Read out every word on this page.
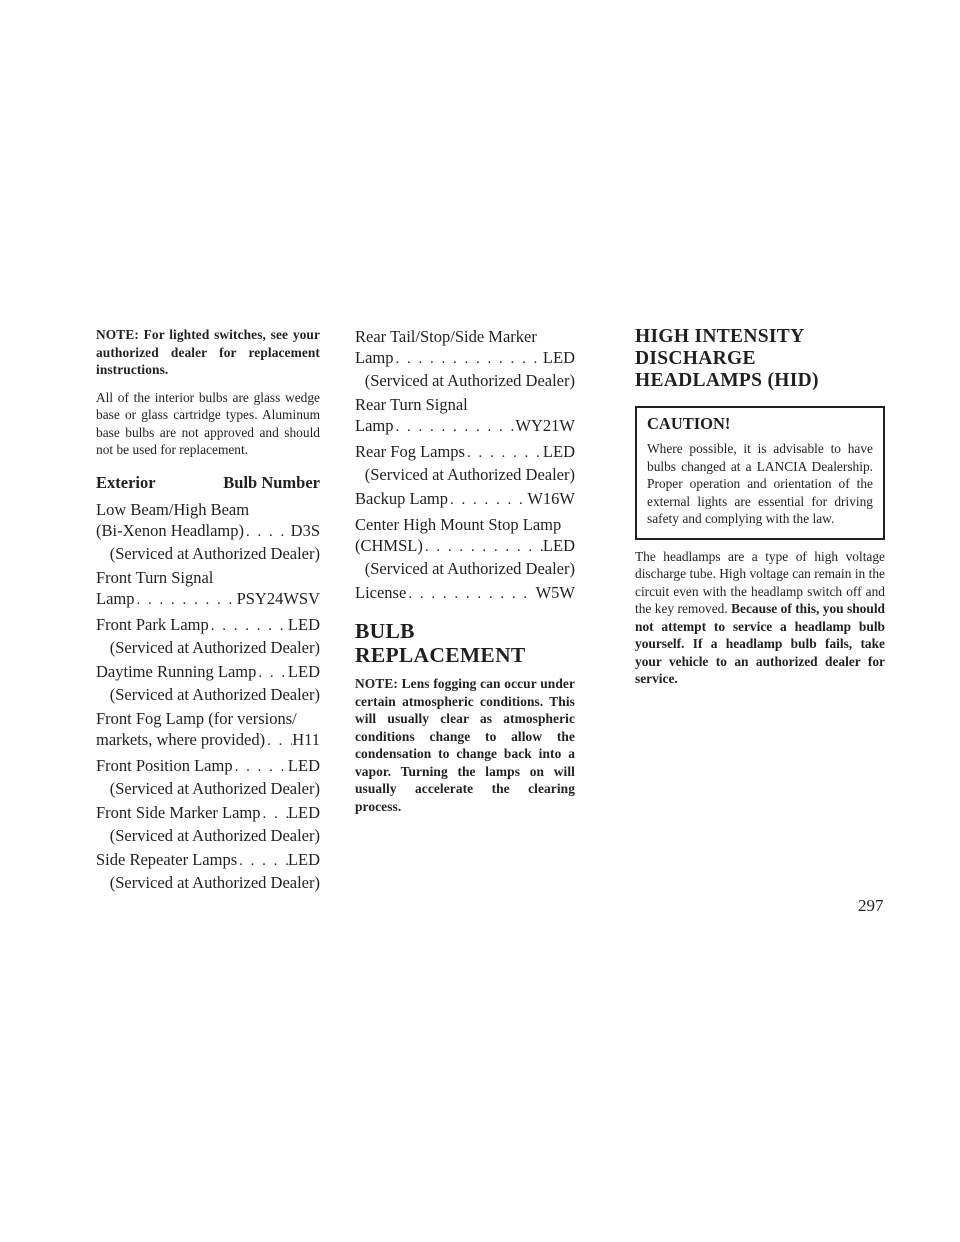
NOTE: For lighted switches, see your authorized dealer for replacement instructions.

All of the interior bulbs are glass wedge base or glass cartridge types. Aluminum base bulbs are not approved and should not be used for replacement.

Exterior	Bulb Number
Low Beam/High Beam
(Bi-Xenon Headlamp) . . .	D3S
(Serviced at Authorized Dealer)
Front Turn Signal
Lamp . . .	PSY24WSV
Front Park Lamp . . .	LED
(Serviced at Authorized Dealer)
Daytime Running Lamp . . . LED
(Serviced at Authorized Dealer)
Front Fog Lamp (for versions/
markets, where provided) . . . H11
Front Position Lamp . . .	LED
(Serviced at Authorized Dealer)
Front Side Marker Lamp . . . LED
(Serviced at Authorized Dealer)
Side Repeater Lamps . . .	LED
(Serviced at Authorized Dealer)
Rear Tail/Stop/Side Marker
Lamp . . .	LED
(Serviced at Authorized Dealer)
Rear Turn Signal
Lamp . . .	WY21W
Rear Fog Lamps . . .	LED
(Serviced at Authorized Dealer)
Backup Lamp . . .	W16W
Center High Mount Stop Lamp
(CHMSL) . . .	LED
(Serviced at Authorized Dealer)
License . . .	W5W
BULB REPLACEMENT

NOTE: Lens fogging can occur under certain atmospheric conditions. This will usually clear as atmospheric conditions change to allow the condensation to change back into a vapor. Turning the lamps on will usually accelerate the clearing process.

HIGH INTENSITY DISCHARGE HEADLAMPS (HID)
CAUTION!
Where possible, it is advisable to have bulbs changed at a LANCIA Dealership. Proper operation and orientation of the external lights are essential for driving safety and complying with the law.

The headlamps are a type of high voltage discharge tube. High voltage can remain in the circuit even with the headlamp switch off and the key removed. Because of this, you should not attempt to service a headlamp bulb yourself. If a headlamp bulb fails, take your vehicle to an authorized dealer for service.

297
